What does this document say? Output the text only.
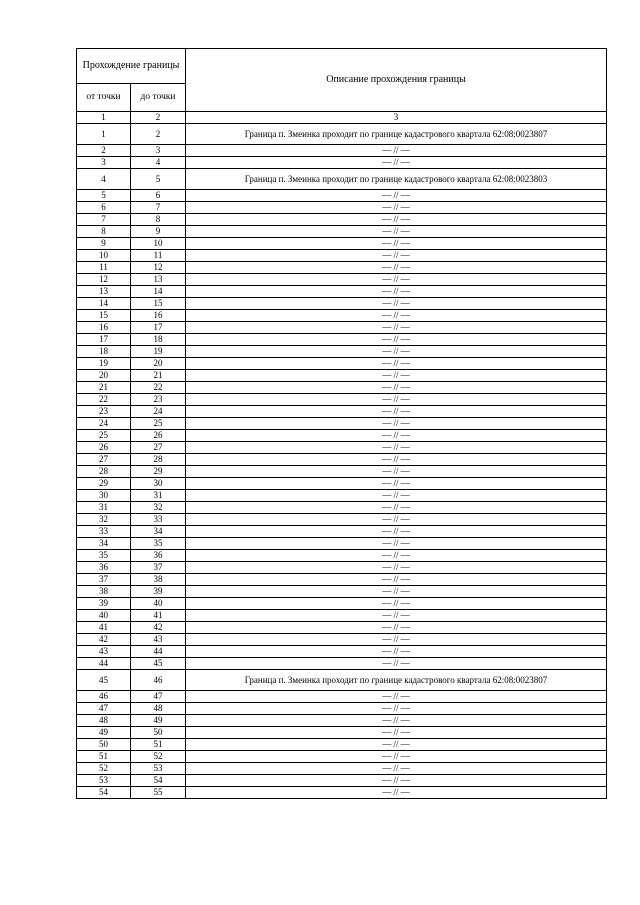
Прохождение границы		Описание прохождения границы
от точки	до точки	
1	2	3
1	2	Граница п. Змеинка проходит по границе кадастрового квартала 62:08:0023807
2	3	— // —
3	4	— // —
4	5	Граница п. Змеинка проходит по границе кадастрового квартала 62:08:0023803
5	6	— // —
6	7	— // —
7	8	— // —
8	9	— // —
9	10	— // —
10	11	— // —
11	12	— // —
12	13	— // —
13	14	— // —
14	15	— // —
15	16	— // —
16	17	— // —
17	18	— // —
18	19	— // —
19	20	— // —
20	21	— // —
21	22	— // —
22	23	— // —
23	24	— // —
24	25	— // —
25	26	— // —
26	27	— // —
27	28	— // —
28	29	— // —
29	30	— // —
30	31	— // —
31	32	— // —
32	33	— // —
33	34	— // —
34	35	— // —
35	36	— // —
36	37	— // —
37	38	— // —
38	39	— // —
39	40	— // —
40	41	— // —
41	42	— // —
42	43	— // —
43	44	— // —
44	45	— // —
45	46	Граница п. Змеинка проходит по границе кадастрового квартала 62:08:0023807
46	47	— // —
47	48	— // —
48	49	— // —
49	50	— // —
50	51	— // —
51	52	— // —
52	53	— // —
53	54	— // —
54	55	— // —
